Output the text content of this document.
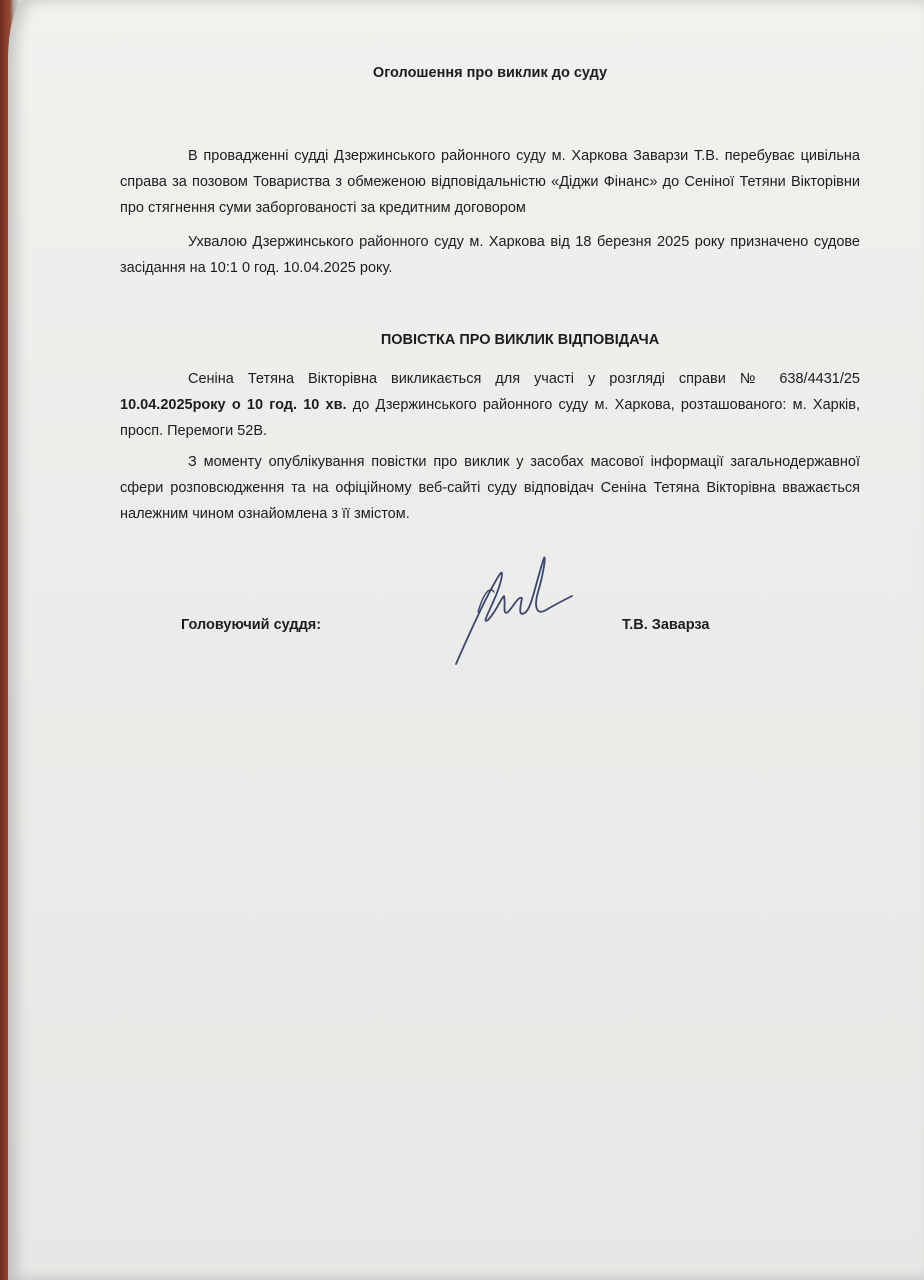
Оголошення про виклик до суду
В провадженні судді Дзержинського районного суду м. Харкова Заварзи Т.В. перебуває цивільна справа за позовом Товариства з обмеженою відповідальністю «Діджи Фінанс» до Сеніної Тетяни Вікторівни про стягнення суми заборгованості за кредитним договором
Ухвалою Дзержинського районного суду м. Харкова від 18 березня 2025 року призначено судове засідання на 10:1 0 год. 10.04.2025 року.
ПОВІСТКА ПРО ВИКЛИК ВІДПОВІДАЧА
Сеніна Тетяна Вікторівна викликається для участі у розгляді справи № 638/4431/25 10.04.2025року о 10 год. 10 хв. до Дзержинського районного суду м. Харкова, розташованого: м. Харків, просп. Перемоги 52В.
З моменту опублікування повістки про виклик у засобах масової інформації загальнодержавної сфери розповсюдження та на офіційному веб-сайті суду відповідач Сеніна Тетяна Вікторівна вважається належним чином ознайомлена з її змістом.
Головуючий суддя:	Т.В. Заварза
